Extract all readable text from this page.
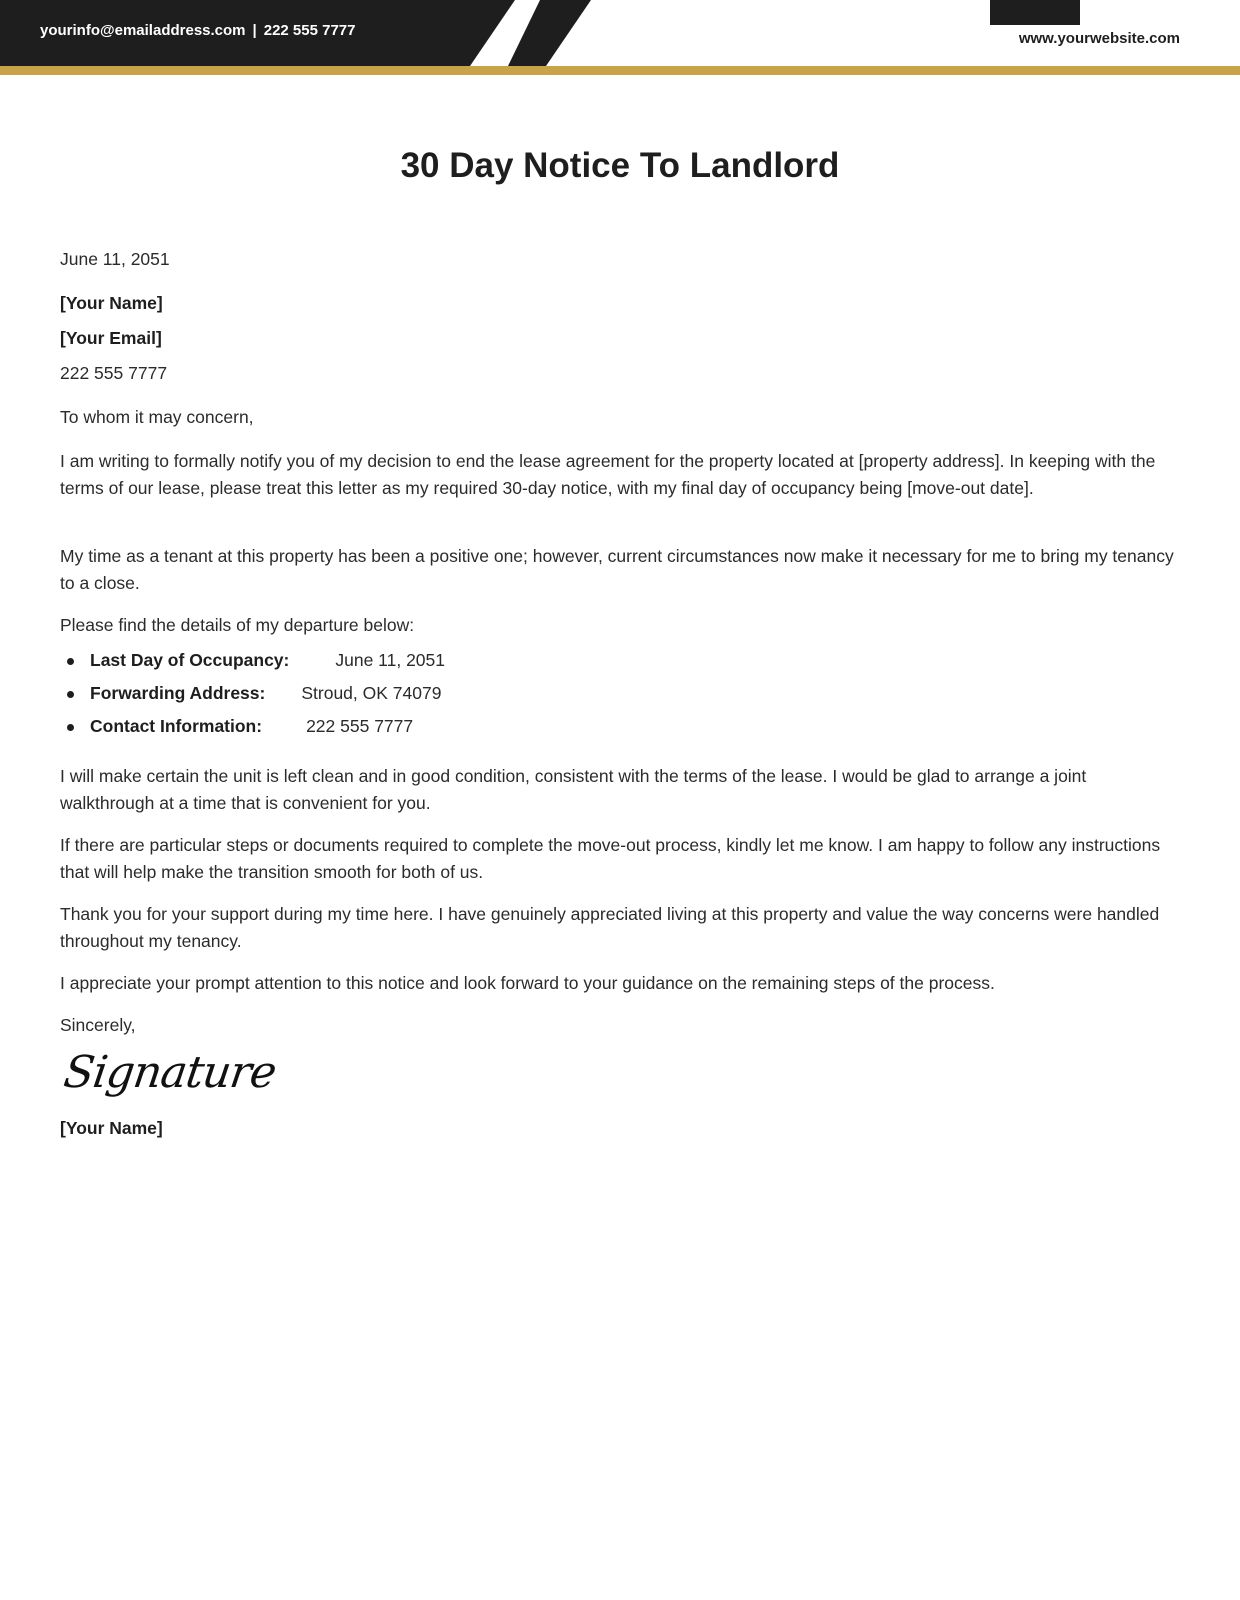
yourinfo@emailaddress.com | 222 555 7777	www.yourwebsite.com
30 Day Notice To Landlord

June 11, 2051

[Your Name]

[Your Email]

222 555 7777

To whom it may concern,

I am writing to formally notify you of my decision to end the lease agreement for the property located at [property address]. In keeping with the terms of our lease, please treat this letter as my required 30-day notice, with my final day of occupancy being [move-out date].

My time as a tenant at this property has been a positive one; however, current circumstances now make it necessary for me to bring my tenancy to a close.

Please find the details of my departure below:

Last Day of Occupancy:	June 11, 2051
Forwarding Address: Stroud, OK 74079
Contact Information:	222 555 7777

I will make certain the unit is left clean and in good condition, consistent with the terms of the lease. I would be glad to arrange a joint walkthrough at a time that is convenient for you.

If there are particular steps or documents required to complete the move-out process, kindly let me know. I am happy to follow any instructions that will help make the transition smooth for both of us.

Thank you for your support during my time here. I have genuinely appreciated living at this property and value the way concerns were handled throughout my tenancy.

I appreciate your prompt attention to this notice and look forward to your guidance on the remaining steps of the process.

Sincerely,

Signature

[Your Name]
